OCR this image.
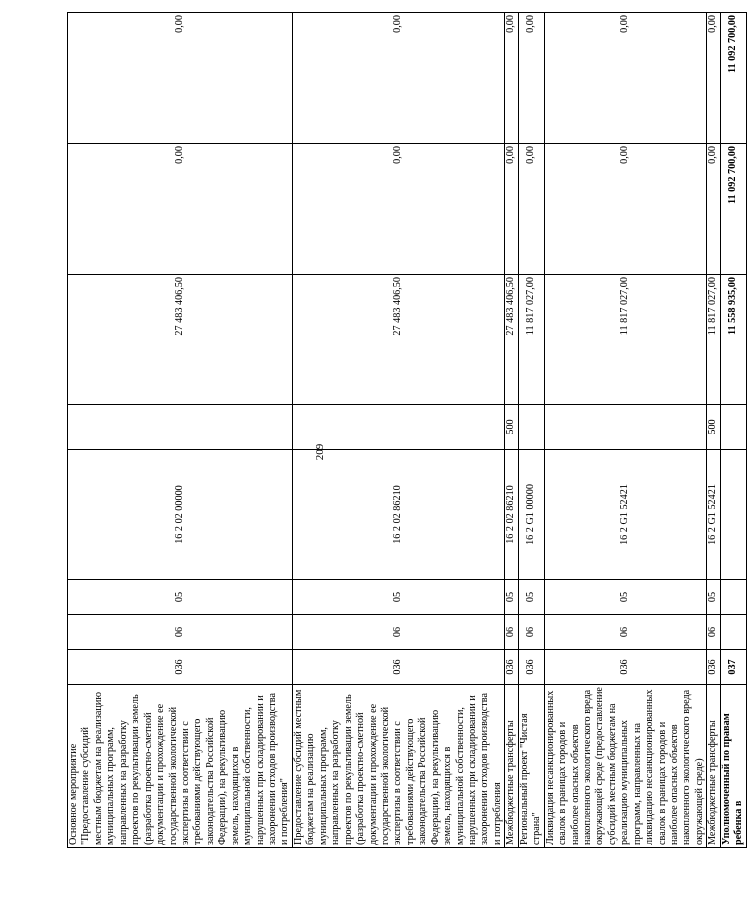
209
Основное мероприятие "Предоставление субсидий местным бюджетам на реализацию муниципальных программ, направленных на разработку проектов по рекультивации земель (разработка проектно-сметной документации и прохождение ее государственной экологической экспертизы в соответствии с требованиями действующего законодательства Российской Федерации), на рекультивацию земель, находящихся в муниципальной собственности, нарушенных при складировании и захоронении отходов производства и потребления"	036	06	05	16 2 02 00000		27 483 406,50	0,00	0,00
Предоставление субсидий местным бюджетам на реализацию муниципальных программ, направленных на разработку проектов по рекультивации земель (разработка проектно-сметной документации и прохождение ее государственной экологической экспертизы в соответствии с требованиями действующего законодательства Российской Федерации), на рекультивацию земель, находящихся в муниципальной собственности, нарушенных при складировании и захоронении отходов производства и потребления	036	06	05	16 2 02 86210		27 483 406,50	0,00	0,00
Межбюджетные трансферты	036	06	05	16 2 02 86210	500	27 483 406,50	0,00	0,00
Региональный проект "Чистая страна"	036	06	05	16 2 G1 00000		11 817 027,00	0,00	0,00
Ликвидация несанкционированных свалок в границах городов и наиболее опасных объектов накопленного экологического вреда окружающей среде (предоставление субсидий местным бюджетам на реализацию муниципальных программ, направленных на ликвидацию несанкционированных свалок в границах городов и наиболее опасных объектов накопленного экологического вреда окружающей среде)	036	06	05	16 2 G1 52421		11 817 027,00	0,00	0,00
Межбюджетные трансферты	036	06	05	16 2 G1 52421	500	11 817 027,00	0,00	0,00
Уполномоченный по правам ребенка в	037					11 558 935,00	11 092 700,00	11 092 700,00
